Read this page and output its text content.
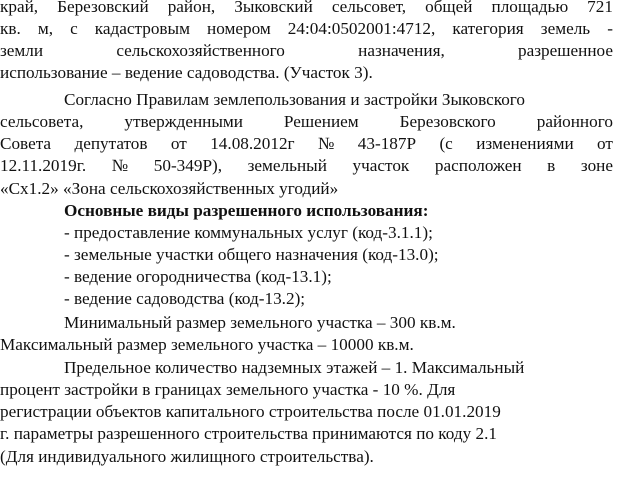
край, Березовский район, Зыковский сельсовет, общей площадью 721
кв. м, с кадастровым номером 24:04:0502001:4712, категория земель -
земли	сельскохозяйственного	назначения,	разрешенное
использование – ведение садоводства. (Участок 3).
Согласно Правилам землепользования и застройки Зыковского
сельсовета, утвержденными Решением Березовского районного
Совета депутатов от 14.08.2012г № 43-187Р (с изменениями от
12.11.2019г. № 50-349Р), земельный участок расположен в зоне
«Сх1.2» «Зона сельскохозяйственных угодий»
Основные виды разрешенного использования:
- предоставление коммунальных услуг (код-3.1.1);
- земельные участки общего назначения (код-13.0);
- ведение огородничества (код-13.1);
- ведение садоводства (код-13.2);
Минимальный размер земельного участка – 300 кв.м.
Максимальный размер земельного участка – 10000 кв.м.
Предельное количество надземных этажей – 1. Максимальный
процент застройки в границах земельного участка - 10 %. Для
регистрации объектов капитального строительства после 01.01.2019
г. параметры разрешенного строительства принимаются по коду 2.1
(Для индивидуального жилищного строительства).
